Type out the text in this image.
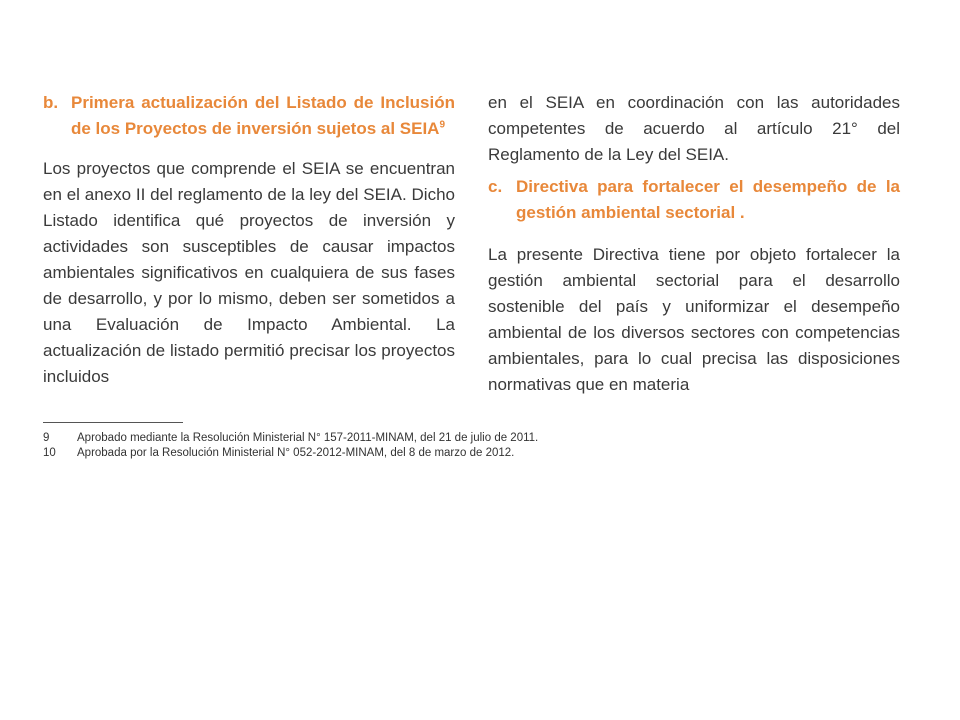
b. Primera actualización del Listado de Inclusión de los Proyectos de inversión sujetos al SEIA$^9$

Los proyectos que comprende el SEIA se encuentran en el anexo II del reglamento de la ley del SEIA. Dicho Listado identifica qué proyectos de inversión y actividades son susceptibles de causar impactos ambientales significativos en cualquiera de sus fases de desarrollo, y por lo mismo, deben ser sometidos a una Evaluación de Impacto Ambiental. La actualización de listado permitió precisar los proyectos incluidos

en el SEIA en coordinación con las autoridades competentes de acuerdo al artículo 21° del Reglamento de la Ley del SEIA.

c. Directiva para fortalecer el desempeño de la gestión ambiental sectorial .

La presente Directiva tiene por objeto fortalecer la gestión ambiental sectorial para el desarrollo sostenible del país y uniformizar el desempeño ambiental de los diversos sectores con competencias ambientales, para lo cual precisa las disposiciones normativas que en materia

9	Aprobado mediante la Resolución Ministerial N° 157-2011-MINAM, del 21 de julio de 2011.
10	Aprobada por la Resolución Ministerial N° 052-2012-MINAM, del 8 de marzo de 2012.
